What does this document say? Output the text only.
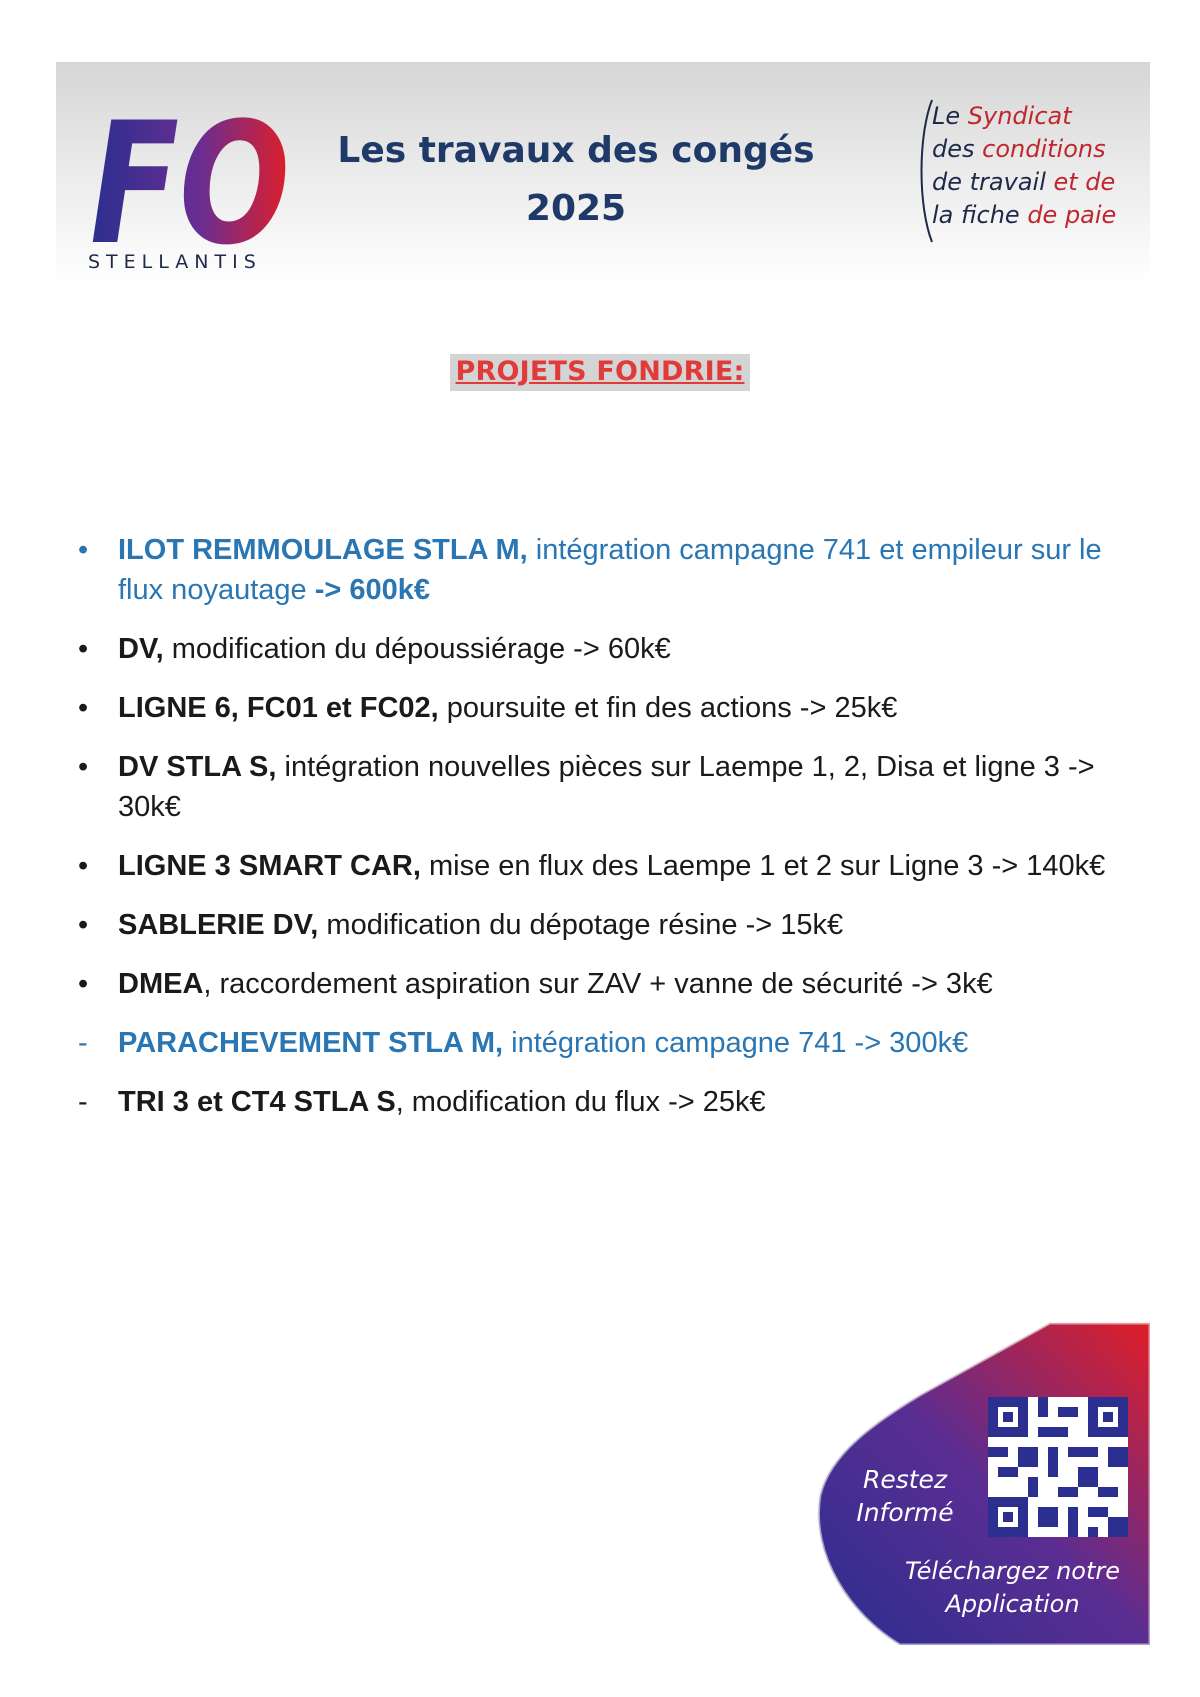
FO
STELLANTIS
Les travaux des congés
2025
Le Syndicat
des conditions
de travail et de
la fiche de paie
PROJETS FONDRIE:
• ILOT REMMOULAGE STLA M, intégration campagne 741 et empileur sur le flux noyautage -> 600k€
• DV, modification du dépoussiérage -> 60k€
• LIGNE 6, FC01 et FC02, poursuite et fin des actions -> 25k€
• DV STLA S, intégration nouvelles pièces sur Laempe 1, 2, Disa et ligne 3 -> 30k€
• LIGNE 3 SMART CAR, mise en flux des Laempe 1 et 2 sur Ligne 3 -> 140k€
• SABLERIE DV, modification du dépotage résine -> 15k€
• DMEA, raccordement aspiration sur ZAV + vanne de sécurité -> 3k€
- PARACHEVEMENT STLA M, intégration campagne 741 -> 300k€
- TRI 3 et CT4 STLA S, modification du flux -> 25k€
Restez
Informé
Téléchargez notre
Application
